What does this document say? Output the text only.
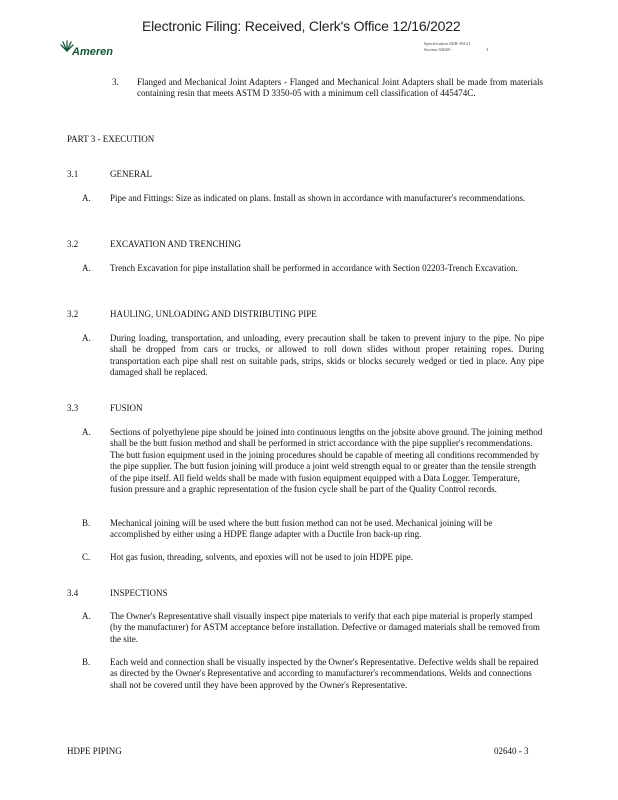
Electronic Filing: Received, Clerk's Office 12/16/2022
Ameren
Specification AER-30121
Section 02640 -	3
3. Flanged and Mechanical Joint Adapters - Flanged and Mechanical Joint Adapters shall be made from materials containing resin that meets ASTM D 3350-05 with a minimum cell classification of 445474C.
PART 3 - EXECUTION
3.1	GENERAL
A. Pipe and Fittings: Size as indicated on plans. Install as shown in accordance with manufacturer's recommendations.
3.2	EXCAVATION AND TRENCHING
A. Trench Excavation for pipe installation shall be performed in accordance with Section 02203-Trench Excavation.
3.2	HAULING, UNLOADING AND DISTRIBUTING PIPE
A. During loading, transportation, and unloading, every precaution shall be taken to prevent injury to the pipe. No pipe shall be dropped from cars or trucks, or allowed to roll down slides without proper retaining ropes. During transportation each pipe shall rest on suitable pads, strips, skids or blocks securely wedged or tied in place. Any pipe damaged shall be replaced.
3.3	FUSION
A. Sections of polyethylene pipe should be joined into continuous lengths on the jobsite above ground. The joining method shall be the butt fusion method and shall be performed in strict accordance with the pipe supplier's recommendations. The butt fusion equipment used in the joining procedures should be capable of meeting all conditions recommended by the pipe supplier. The butt fusion joining will produce a joint weld strength equal to or greater than the tensile strength of the pipe itself. All field welds shall be made with fusion equipment equipped with a Data Logger. Temperature, fusion pressure and a graphic representation of the fusion cycle shall be part of the Quality Control records.
B. Mechanical joining will be used where the butt fusion method can not be used. Mechanical joining will be accomplished by either using a HDPE flange adapter with a Ductile Iron back-up ring.
C. Hot gas fusion, threading, solvents, and epoxies will not be used to join HDPE pipe.
3.4	INSPECTIONS
A. The Owner's Representative shall visually inspect pipe materials to verify that each pipe material is properly stamped (by the manufacturer) for ASTM acceptance before installation. Defective or damaged materials shall be removed from the site.
B. Each weld and connection shall be visually inspected by the Owner's Representative. Defective welds shall be repaired as directed by the Owner's Representative and according to manufacturer's recommendations. Welds and connections shall not be covered until they have been approved by the Owner's Representative.
HDPE PIPING	02640 - 3
